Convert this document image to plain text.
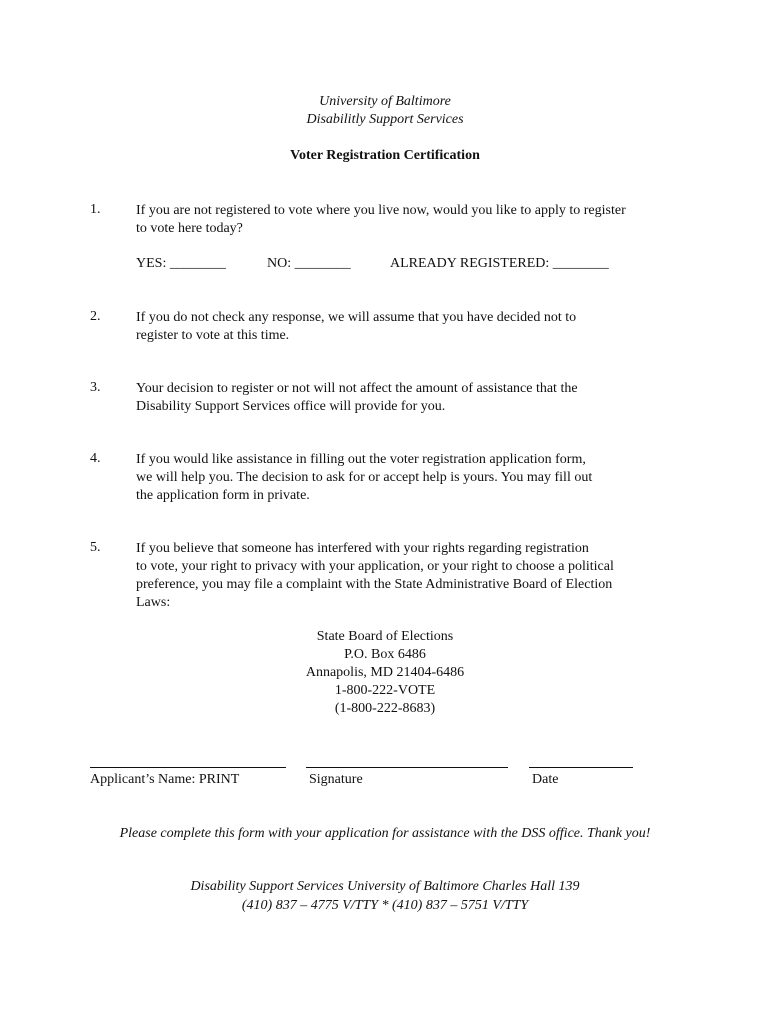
University of Baltimore
Disabilitly Support Services
Voter Registration Certification
1.	If you are not registered to vote where you live now, would you like to apply to register
to vote here today?
YES: ________	NO: ________	ALREADY REGISTERED: ________
2.	If you do not check any response, we will assume that you have decided not to
register to vote at this time.
3.	Your decision to register or not will not affect the amount of assistance that the
Disability Support Services office will provide for you.
4.	If you would like assistance in filling out the voter registration application form,
we will help you. The decision to ask for or accept help is yours. You may fill out
the application form in private.
5.	If you believe that someone has interfered with your rights regarding registration
to vote, your right to privacy with your application, or your right to choose a political
preference, you may file a complaint with the State Administrative Board of Election
Laws:
State Board of Elections
P.O. Box 6486
Annapolis, MD 21404-6486
1-800-222-VOTE
(1-800-222-8683)
Applicant’s Name: PRINT	Signature	Date
Please complete this form with your application for assistance with the DSS office. Thank you!
Disability Support Services University of Baltimore Charles Hall 139
(410) 837 – 4775 V/TTY * (410) 837 – 5751 V/TTY
